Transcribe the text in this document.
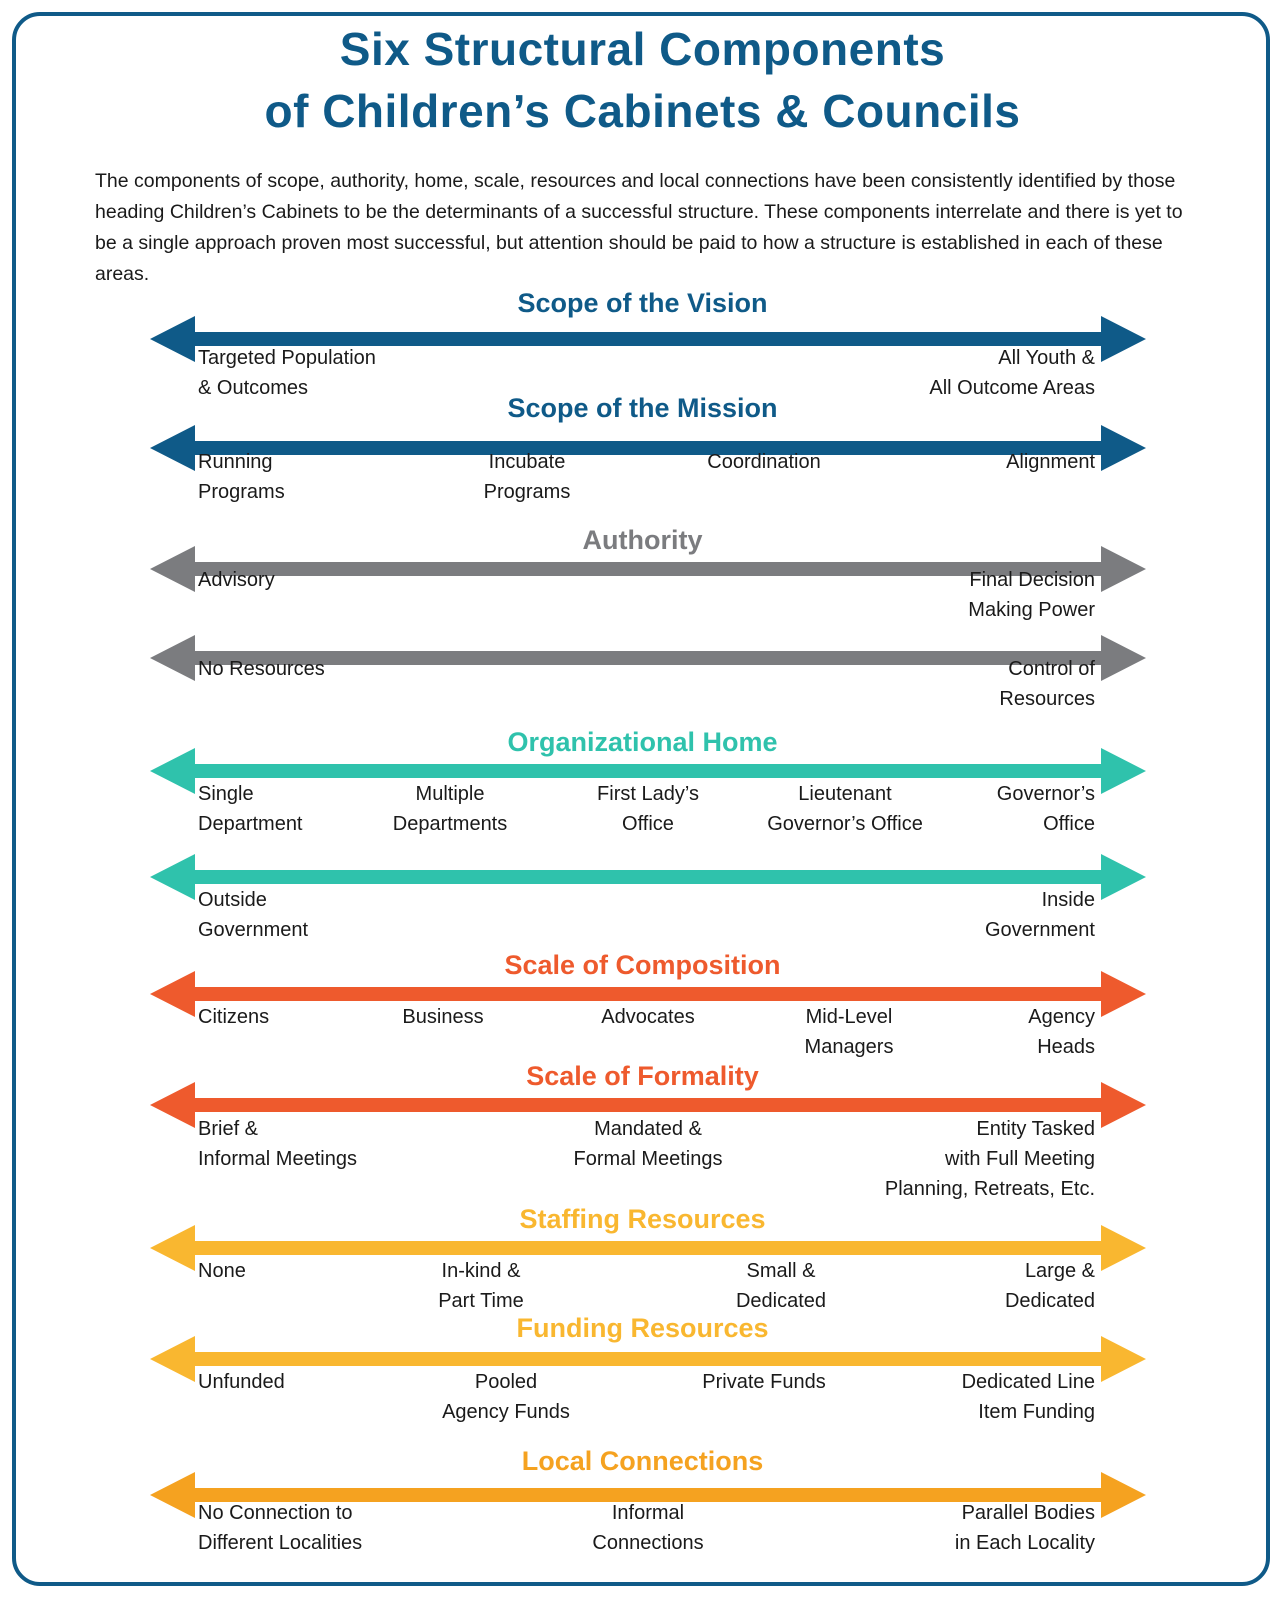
Six Structural Components
of Children’s Cabinets & Councils
The components of scope, authority, home, scale, resources and local connections have been consistently identified by those heading Children’s Cabinets to be the determinants of a successful structure. These components interrelate and there is yet to be a single approach proven most successful, but attention should be paid to how a structure is established in each of these areas.
Scope of the Vision
Targeted Population
& Outcomes
All Youth &
All Outcome Areas
Scope of the Mission
Running
Programs
Incubate
Programs
Coordination	Alignment
Authority
Advisory	Final Decision
Making Power
No Resources	Control of
Resources
Organizational Home
Single
Department
Multiple
Departments
First Lady’s
Office
Lieutenant
Governor’s Office
Governor’s
Office
Outside
Government
Inside
Government
Scale of Composition
Citizens	Business	Advocates	Mid-Level
Managers
Agency
Heads
Scale of Formality
Brief &
Informal Meetings
Mandated &
Formal Meetings
Entity Tasked
with Full Meeting
Planning, Retreats, Etc.
Staffing Resources
None	In-kind &
Part Time
Small &
Dedicated
Large &
Dedicated
Funding Resources
Unfunded	Pooled
Agency Funds
Private Funds	Dedicated Line
Item Funding
Local Connections
No Connection to
Different Localities
Informal
Connections
Parallel Bodies
in Each Locality
